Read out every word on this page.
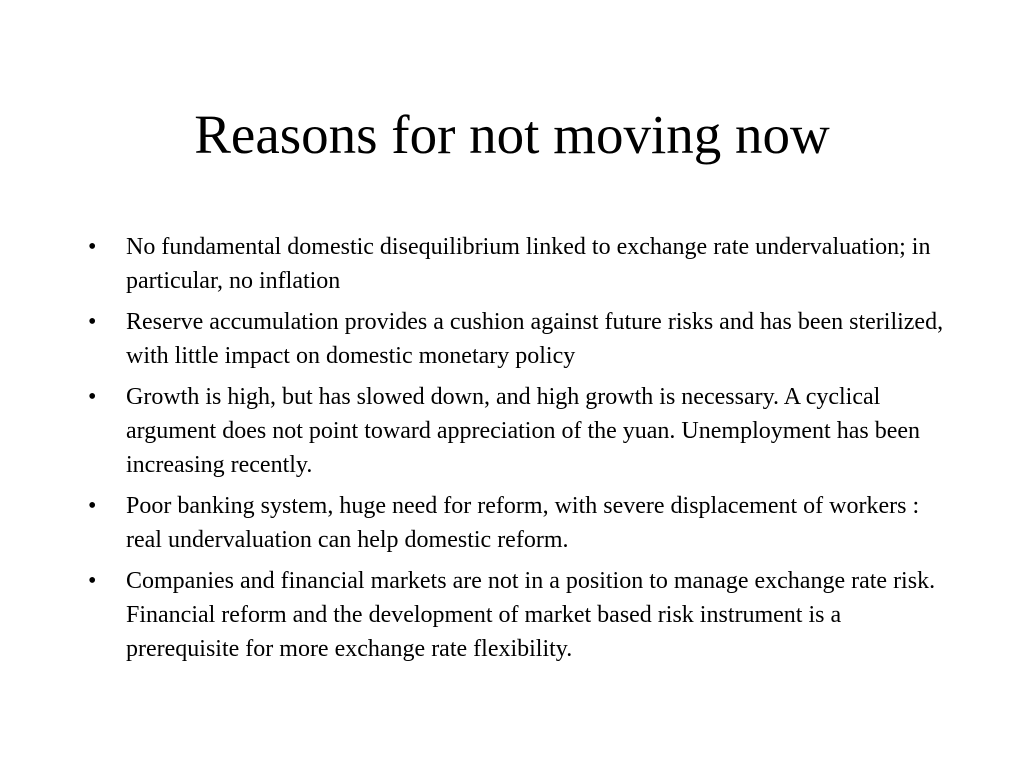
Reasons for not moving now
•	No fundamental domestic disequilibrium linked to exchange rate undervaluation; in particular, no inflation
•	Reserve accumulation provides a cushion against future risks and has been sterilized, with little impact on domestic monetary policy
•	Growth is high, but has slowed down, and high growth is necessary. A cyclical argument does not point toward appreciation of the yuan. Unemployment has been increasing recently.
•	Poor banking system, huge need for reform, with severe displacement of workers : real undervaluation can help domestic reform.
•	Companies and financial markets are not in a position to manage exchange rate risk. Financial reform and the development of market based risk instrument is a prerequisite for more exchange rate flexibility.
